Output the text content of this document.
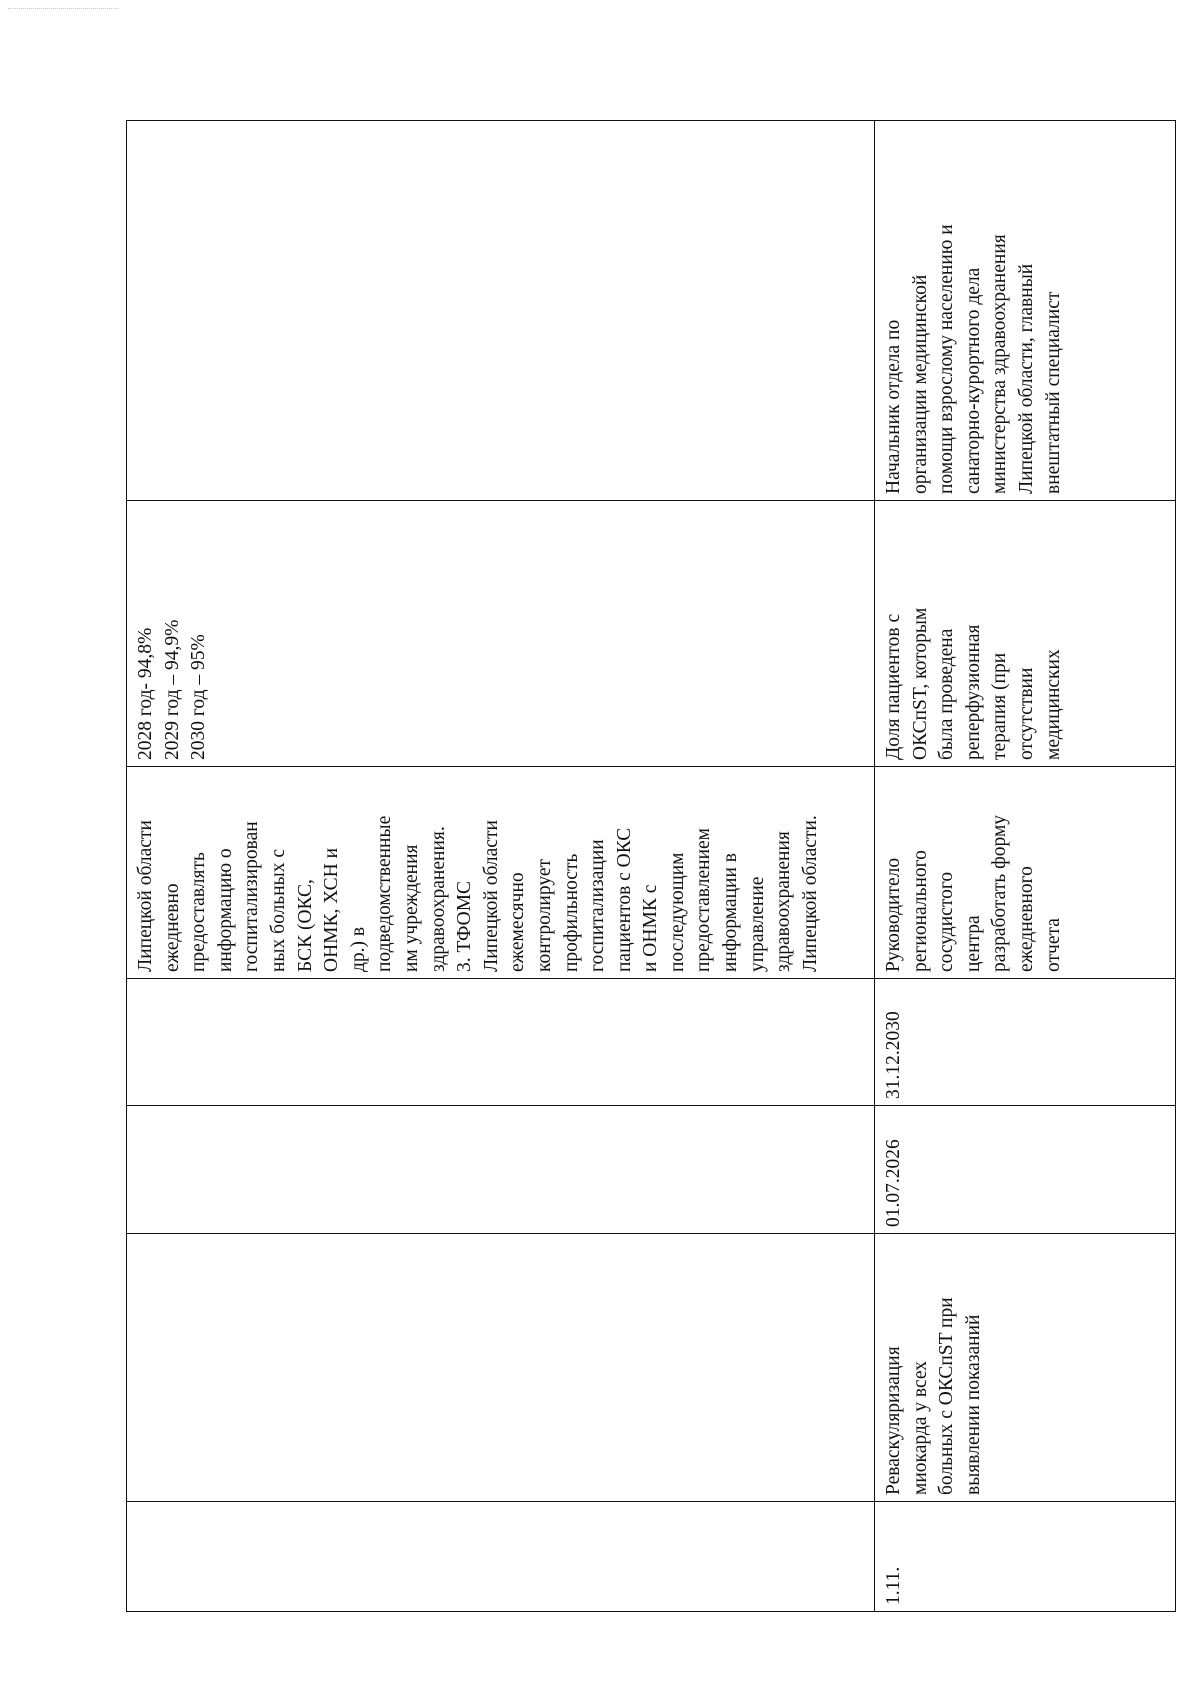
2028 год- 94,8%
2029 год – 94,9%
2030 год – 95%
Липецкой области
ежедневно
предоставлять
информацию о
госпитализирован
ных больных с
БСК (ОКС,
ОНМК, ХСН и
др.) в
подведомственные
им учреждения
здравоохранения.
3. ТФОМС
Липецкой области
ежемесячно
контролирует
профильность
госпитализации
пациентов с ОКС
и ОНМК с
последующим
предоставлением
информации в
управление
здравоохранения
Липецкой области.
Начальник отдела по
организации медицинской
помощи взрослому населению и
санаторно-курортного дела
министерства здравоохранения
Липецкой области, главный
внештатный специалист
Доля пациентов с
ОКСпST, которым
была проведена
реперфузионная
терапия (при
отсутствии
медицинских
Руководитело
регионального
сосудистого
центра
разработать форму
ежедневного
отчета
31.12.2030
01.07.2026
Реваскуляризация
миокарда у всех
больных с ОКСпST при
выявлении показаний
1.11.
